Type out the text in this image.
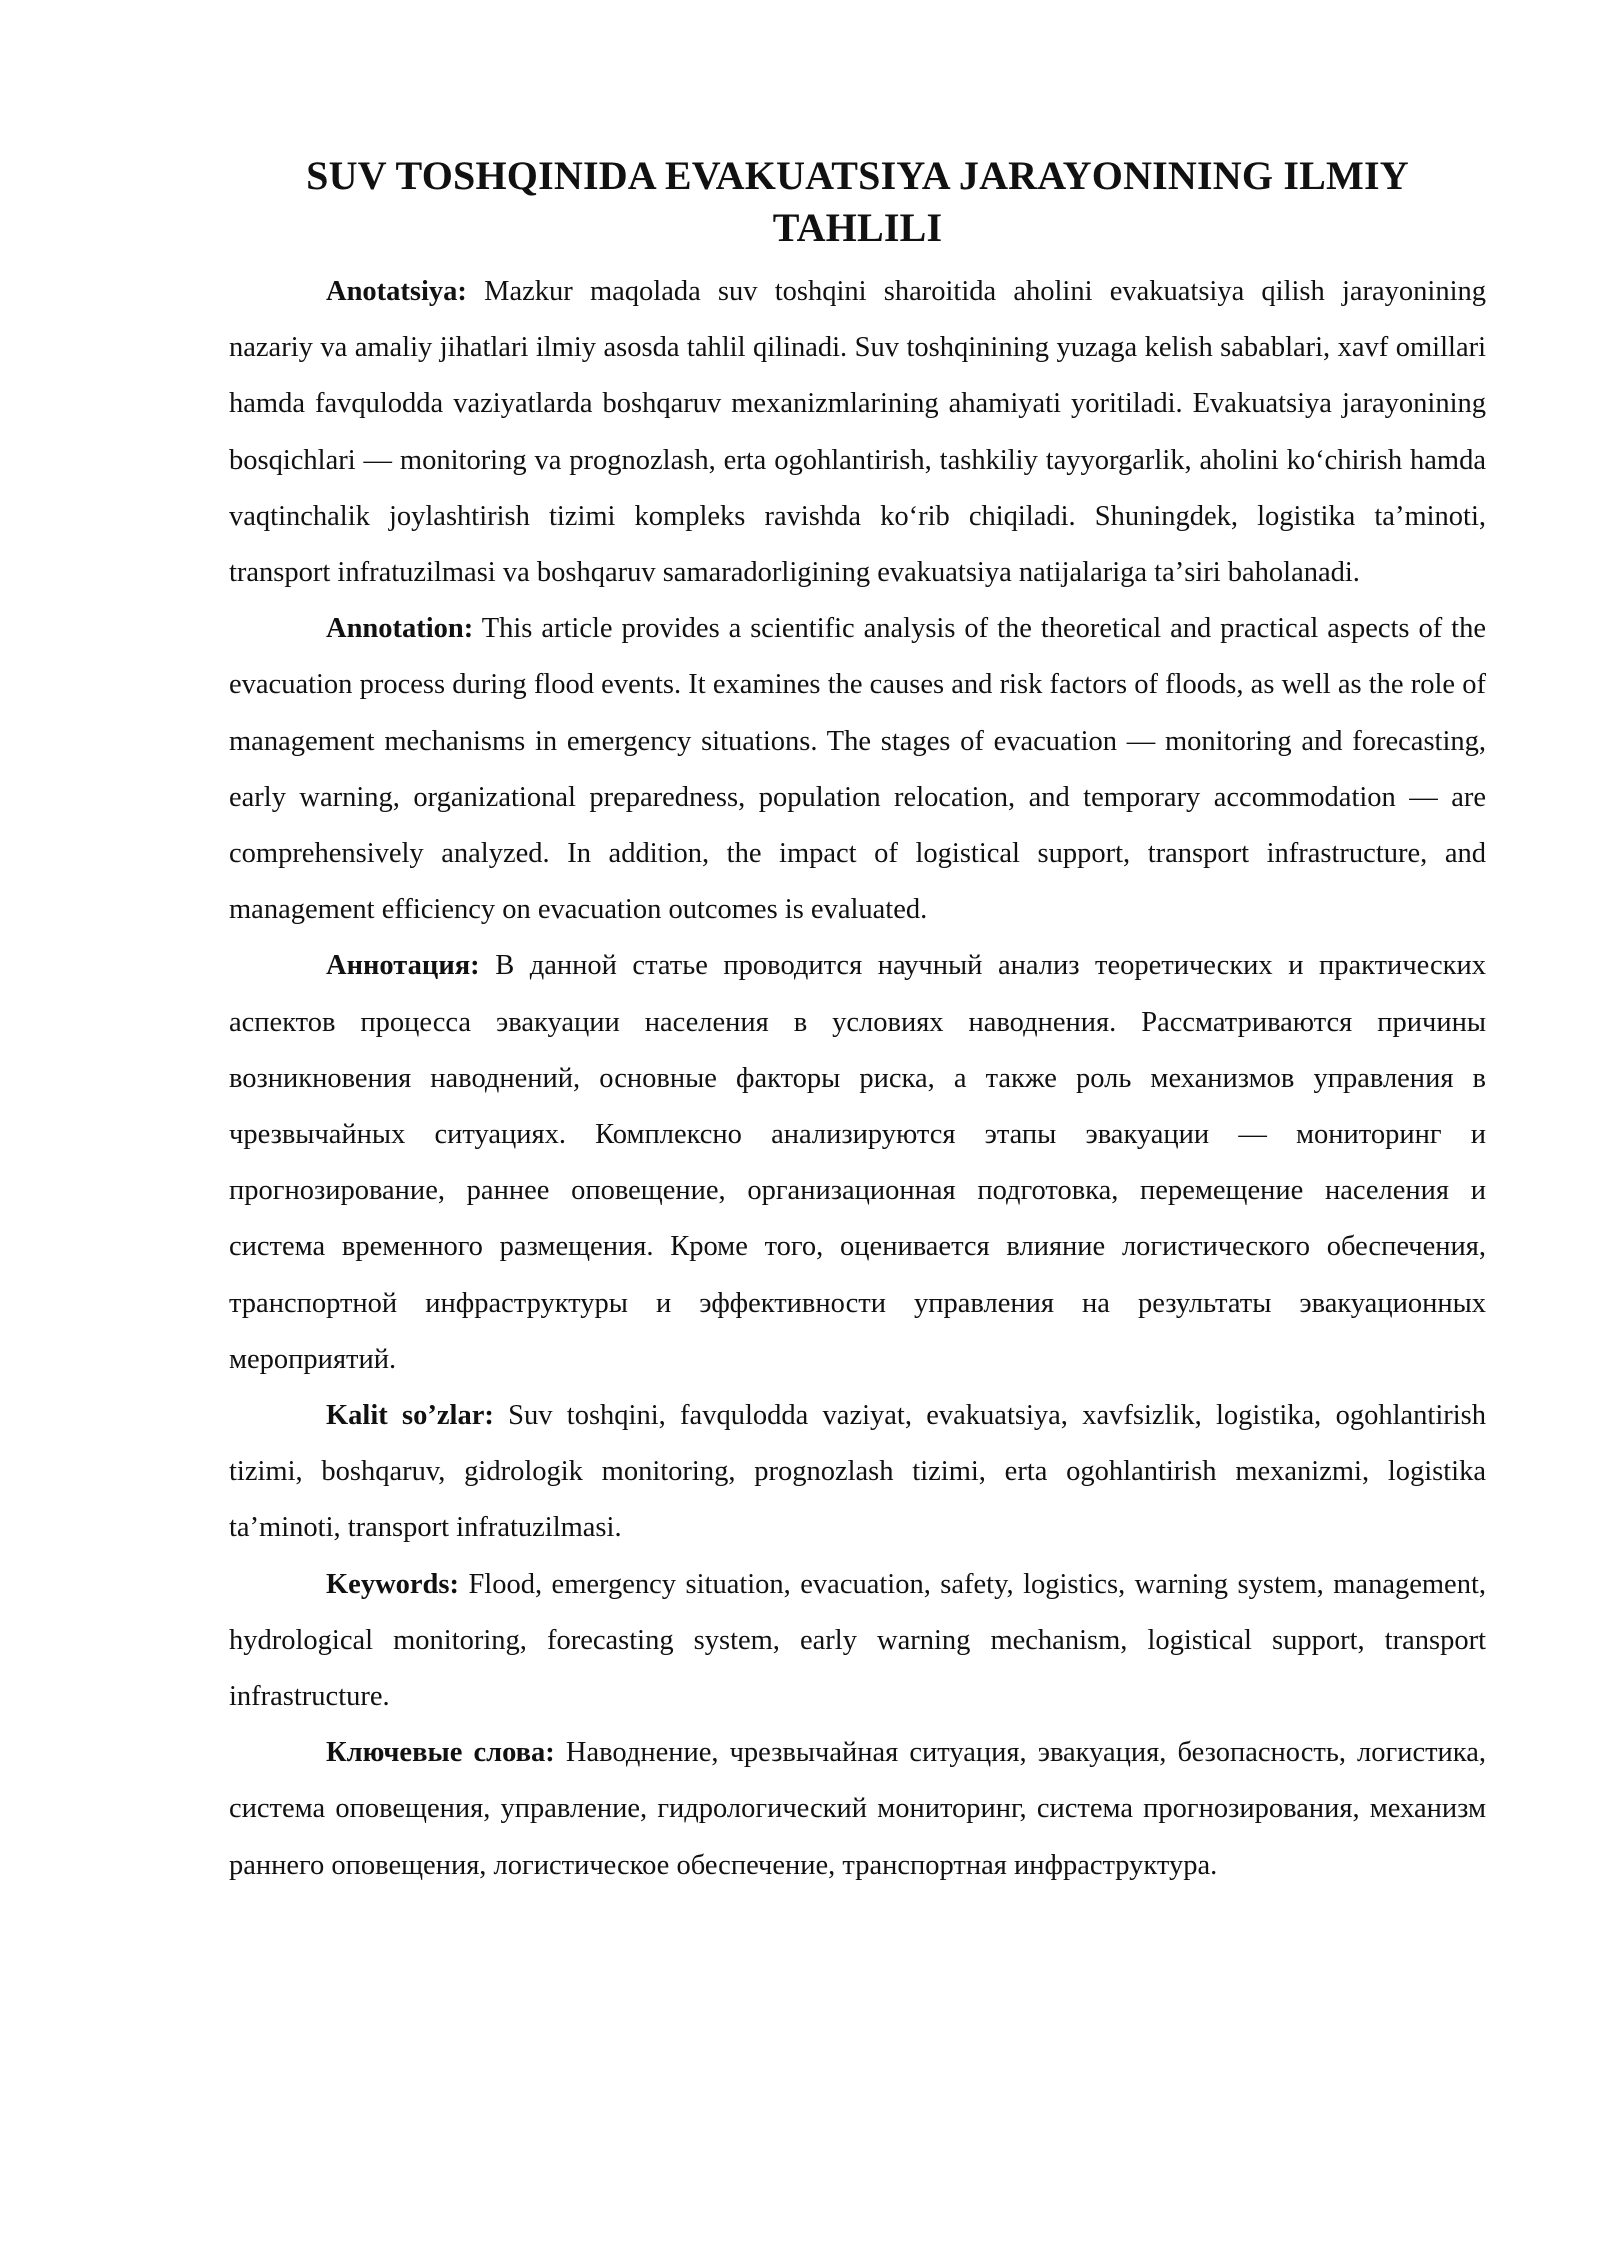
SUV TOSHQINIDA EVAKUATSIYA JARAYONINING ILMIY TAHLILI

Anotatsiya: Mazkur maqolada suv toshqini sharoitida aholini evakuatsiya qilish jarayonining nazariy va amaliy jihatlari ilmiy asosda tahlil qilinadi. Suv toshqinining yuzaga kelish sabablari, xavf omillari hamda favqulodda vaziyatlarda boshqaruv mexanizmlarining ahamiyati yoritiladi. Evakuatsiya jarayonining bosqichlari — monitoring va prognozlash, erta ogohlantirish, tashkiliy tayyorgarlik, aholini koʻchirish hamda vaqtinchalik joylashtirish tizimi kompleks ravishda koʻrib chiqiladi. Shuningdek, logistika taʼminoti, transport infratuzilmasi va boshqaruv samaradorligining evakuatsiya natijalariga taʼsiri baholanadi.

Annotation: This article provides a scientific analysis of the theoretical and practical aspects of the evacuation process during flood events. It examines the causes and risk factors of floods, as well as the role of management mechanisms in emergency situations. The stages of evacuation — monitoring and forecasting, early warning, organizational preparedness, population relocation, and temporary accommodation — are comprehensively analyzed. In addition, the impact of logistical support, transport infrastructure, and management efficiency on evacuation outcomes is evaluated.

Аннотация: В данной статье проводится научный анализ теоретических и практических аспектов процесса эвакуации населения в условиях наводнения. Рассматриваются причины возникновения наводнений, основные факторы риска, а также роль механизмов управления в чрезвычайных ситуациях. Комплексно анализируются этапы эвакуации — мониторинг и прогнозирование, раннее оповещение, организационная подготовка, перемещение населения и система временного размещения. Кроме того, оценивается влияние логистического обеспечения, транспортной инфраструктуры и эффективности управления на результаты эвакуационных мероприятий.

Kalit so’zlar: Suv toshqini, favqulodda vaziyat, evakuatsiya, xavfsizlik, logistika, ogohlantirish tizimi, boshqaruv, gidrologik monitoring, prognozlash tizimi, erta ogohlantirish mexanizmi, logistika taʼminoti, transport infratuzilmasi.

Keywords: Flood, emergency situation, evacuation, safety, logistics, warning system, management, hydrological monitoring, forecasting system, early warning mechanism, logistical support, transport infrastructure.

Ключевые слова: Наводнение, чрезвычайная ситуация, эвакуация, безопасность, логистика, система оповещения, управление, гидрологический мониторинг, система прогнозирования, механизм раннего оповещения, логистическое обеспечение, транспортная инфраструктура.
